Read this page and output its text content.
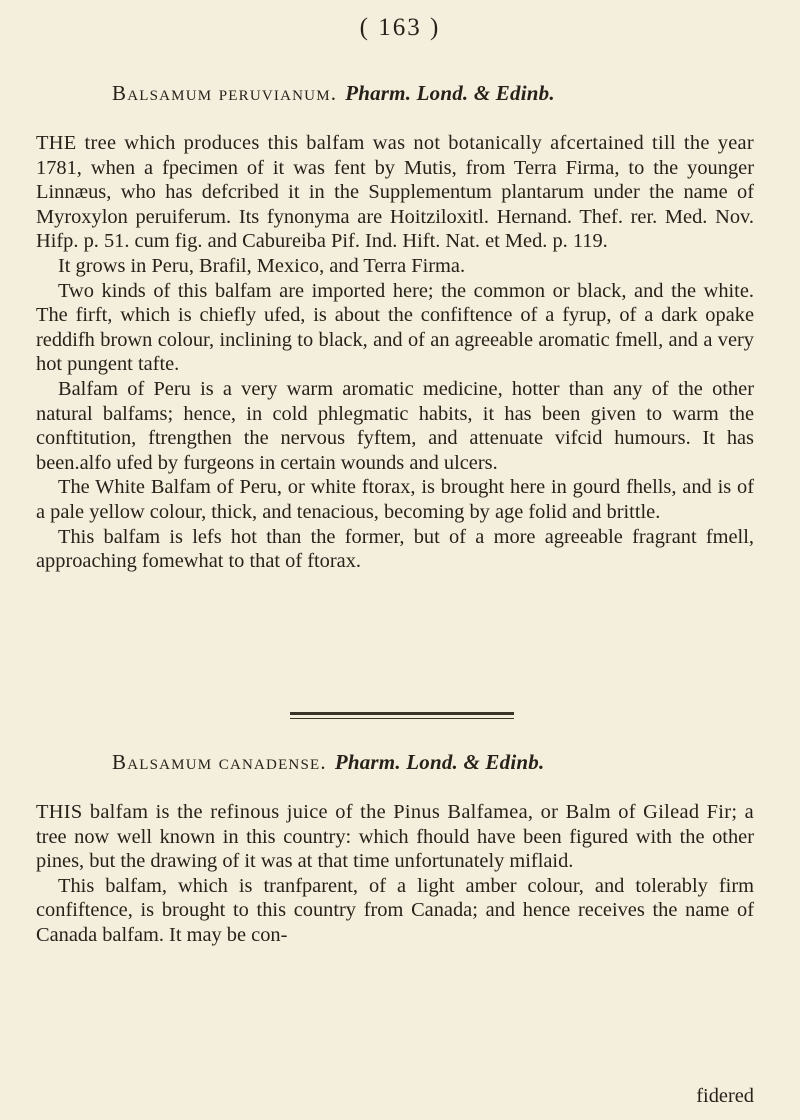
( 163 )
Balsamum peruvianum. Pharm. Lond. & Edinb.

THE tree which produces this balfam was not botanically afcertained till the year 1781, when a fpecimen of it was fent by Mutis, from Terra Firma, to the younger Linnæus, who has defcribed it in the Supplementum plantarum under the name of Myroxylon peruiferum. Its fynonyma are Hoitziloxitl. Hernand. Thef. rer. Med. Nov. Hifp. p. 51. cum fig. and Cabureiba Pif. Ind. Hift. Nat. et Med. p. 119.

It grows in Peru, Brafil, Mexico, and Terra Firma.

Two kinds of this balfam are imported here; the common or black, and the white. The firft, which is chiefly ufed, is about the confiftence of a fyrup, of a dark opake reddifh brown colour, inclining to black, and of an agreeable aromatic fmell, and a very hot pungent tafte.

Balfam of Peru is a very warm aromatic medicine, hotter than any of the other natural balfams; hence, in cold phlegmatic habits, it has been given to warm the conftitution, ftrengthen the nervous fyftem, and attenuate vifcid humours. It has been.alfo ufed by furgeons in certain wounds and ulcers.

The White Balfam of Peru, or white ftorax, is brought here in gourd fhells, and is of a pale yellow colour, thick, and tenacious, becoming by age folid and brittle.

This balfam is lefs hot than the former, but of a more agreeable fragrant fmell, approaching fomewhat to that of ftorax.

Balsamum canadense. Pharm. Lond. & Edinb.

THIS balfam is the refinous juice of the Pinus Balfamea, or Balm of Gilead Fir; a tree now well known in this country: which fhould have been figured with the other pines, but the drawing of it was at that time unfortunately miflaid.

This balfam, which is tranfparent, of a light amber colour, and tolerably firm confiftence, is brought to this country from Canada; and hence receives the name of Canada balfam. It may be con-

fidered
